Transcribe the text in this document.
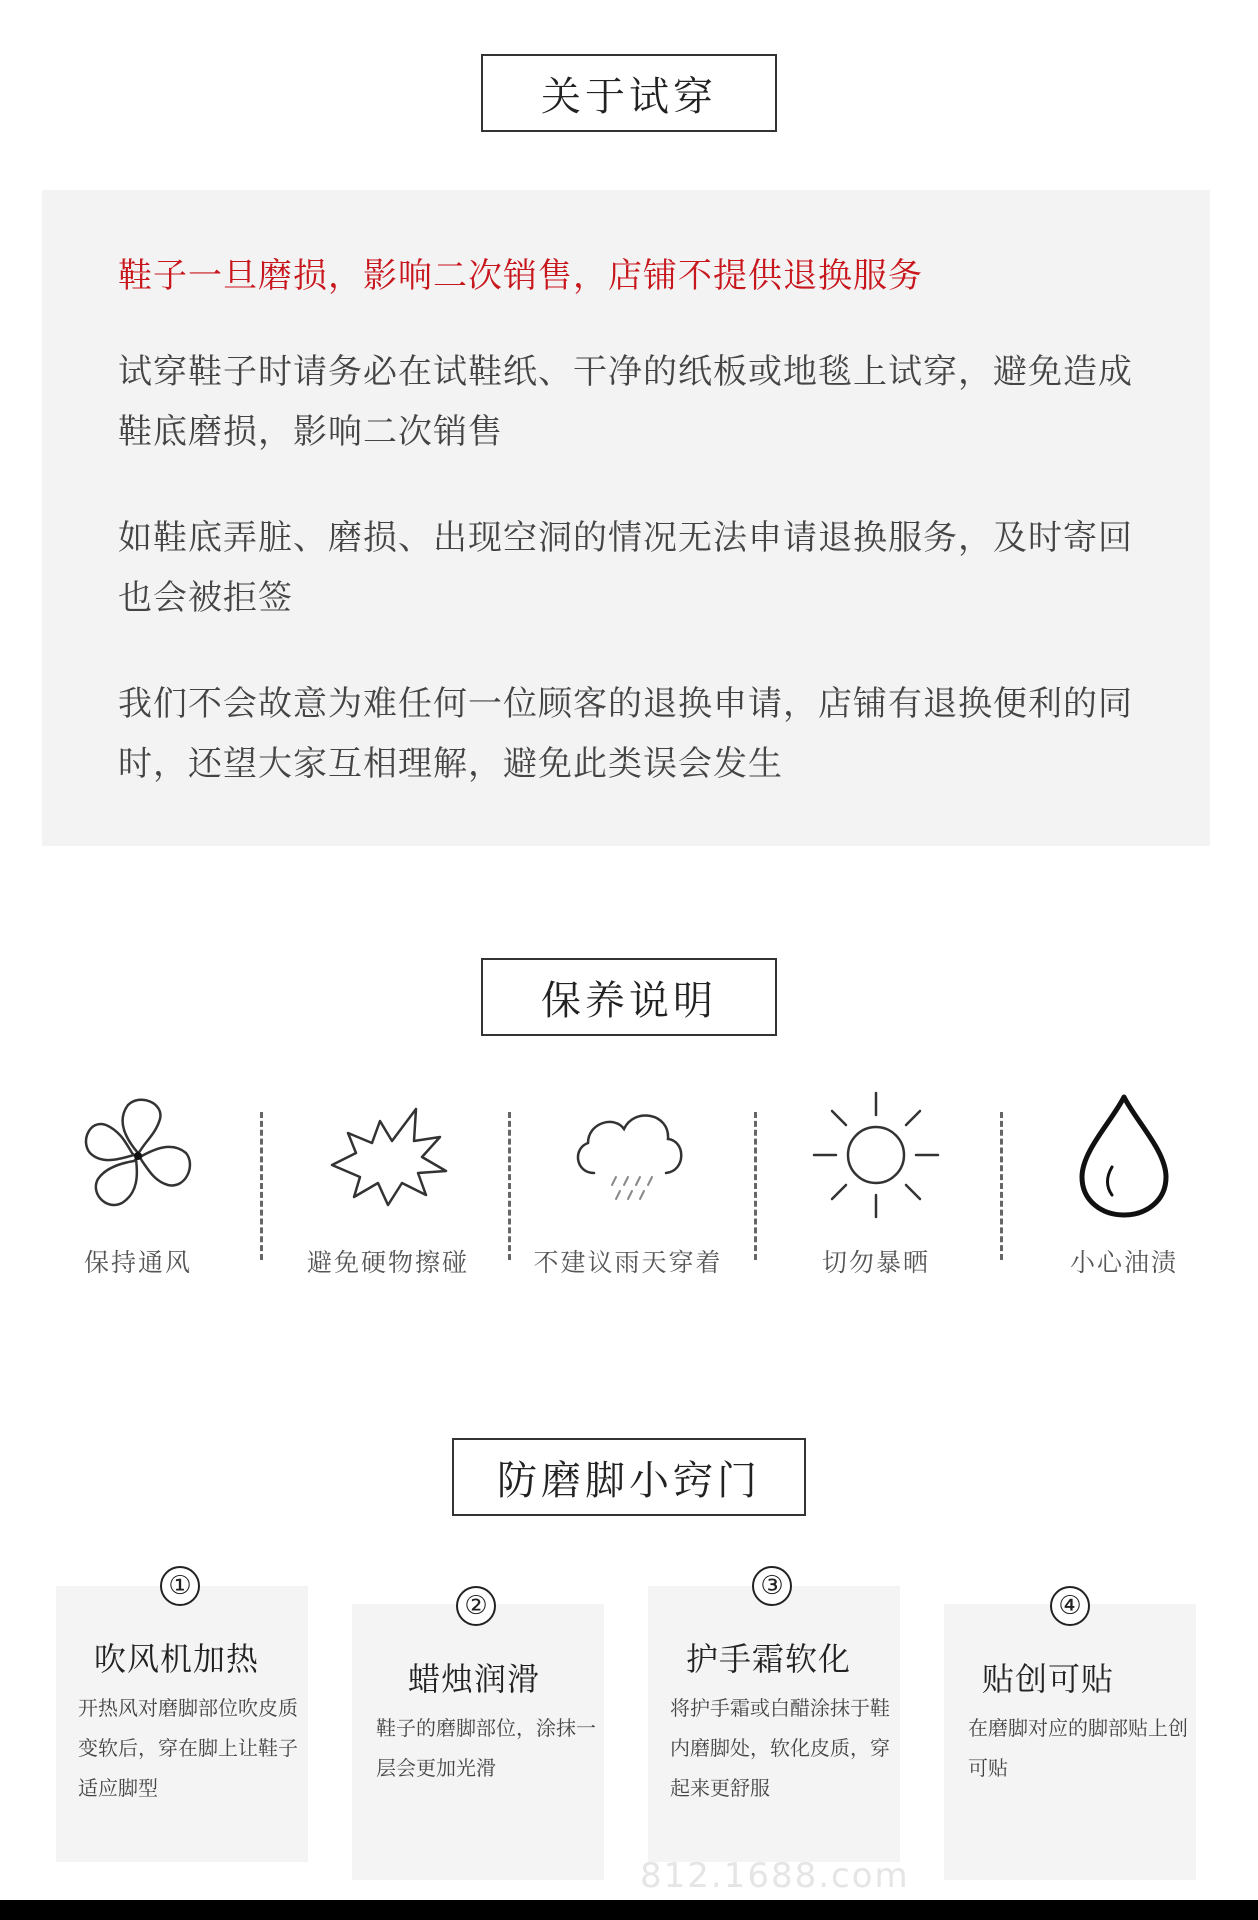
关于试穿
鞋子一旦磨损，影响二次销售，店铺不提供退换服务
试穿鞋子时请务必在试鞋纸、干净的纸板或地毯上试穿，避免造成鞋底磨损，影响二次销售
如鞋底弄脏、磨损、出现空洞的情况无法申请退换服务，及时寄回也会被拒签
我们不会故意为难任何一位顾客的退换申请，店铺有退换便利的同时，还望大家互相理解，避免此类误会发生
保养说明
保持通风	避免硬物擦碰	不建议雨天穿着	切勿暴晒	小心油渍
防磨脚小窍门
①
吹风机加热
开热风对磨脚部位吹皮质变软后，穿在脚上让鞋子适应脚型
②
蜡烛润滑
鞋子的磨脚部位，涂抹一层会更加光滑
③
护手霜软化
将护手霜或白醋涂抹于鞋内磨脚处，软化皮质，穿起来更舒服
④
贴创可贴
在磨脚对应的脚部贴上创可贴
812.1688.com
